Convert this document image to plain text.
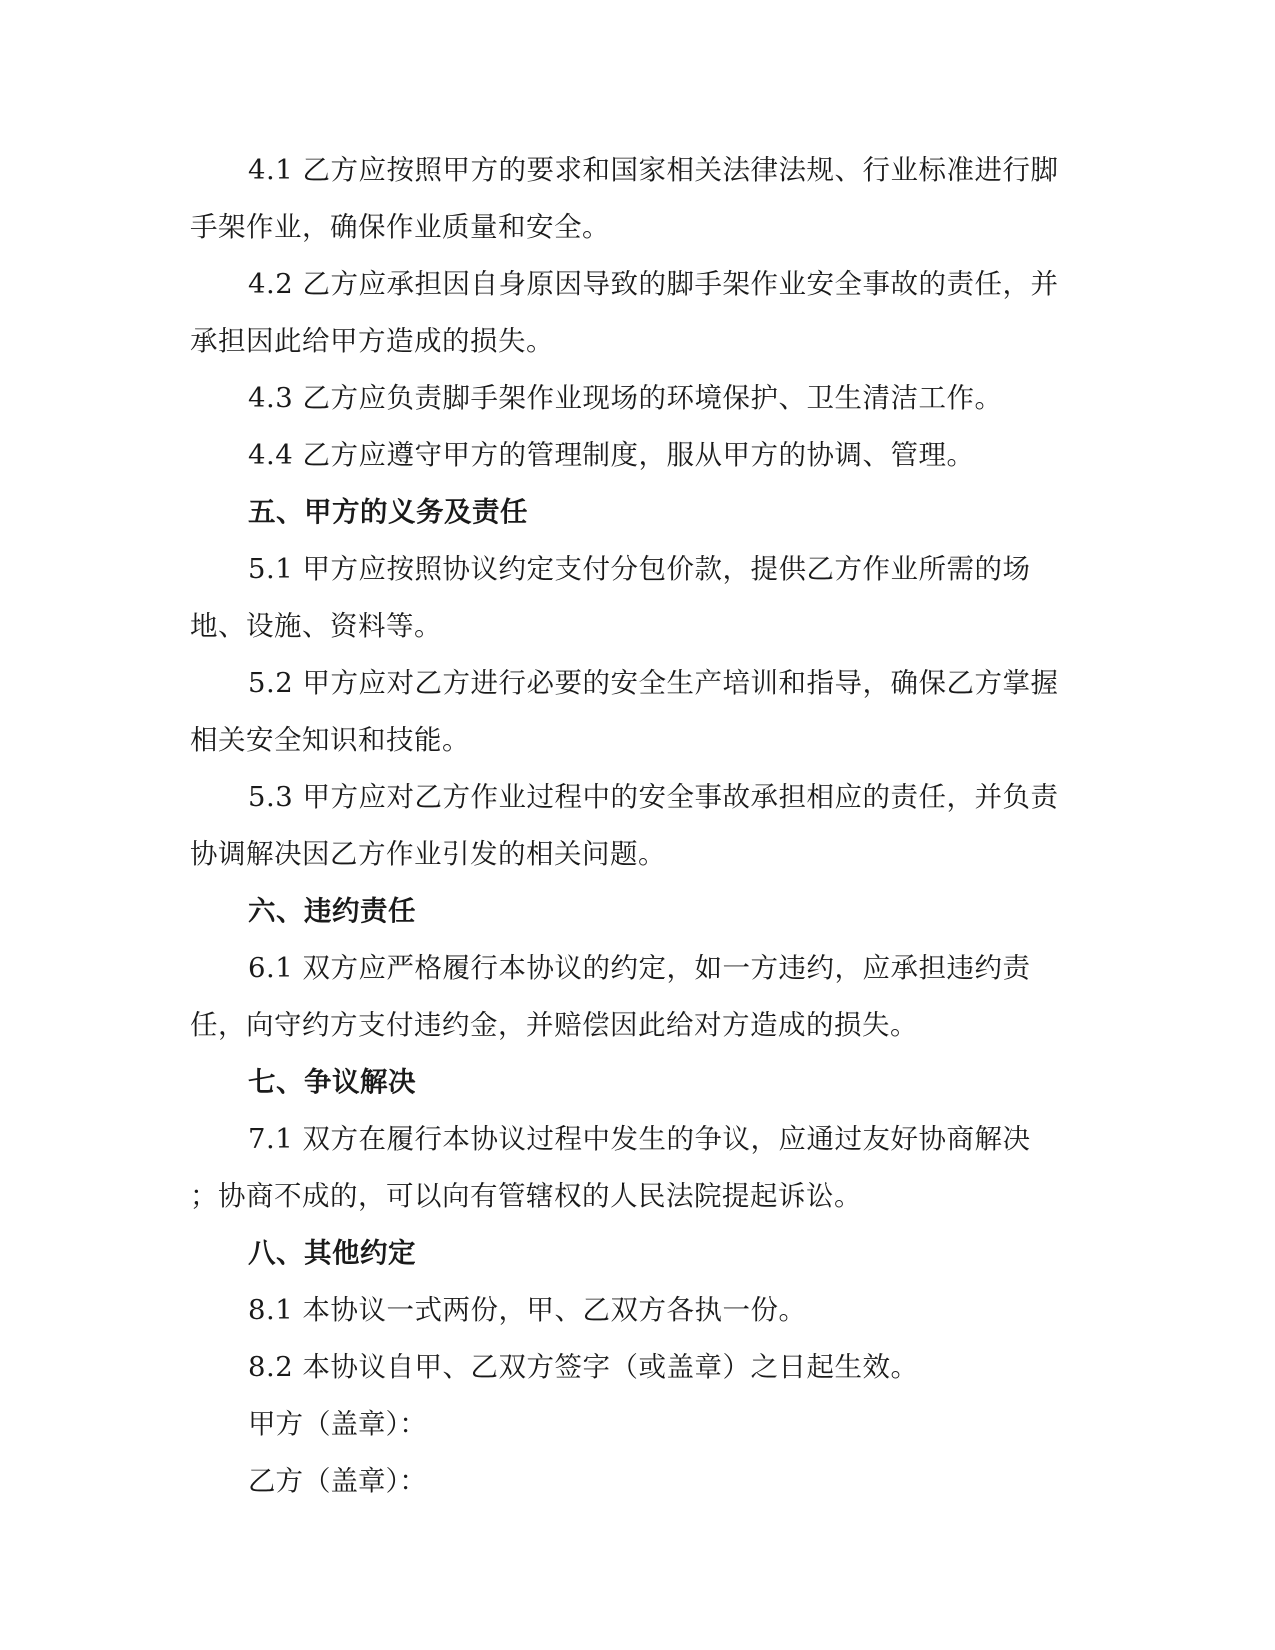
4.1 乙方应按照甲方的要求和国家相关法律法规、行业标准进行脚手架作业，确保作业质量和安全。

4.2 乙方应承担因自身原因导致的脚手架作业安全事故的责任，并承担因此给甲方造成的损失。

4.3 乙方应负责脚手架作业现场的环境保护、卫生清洁工作。

4.4 乙方应遵守甲方的管理制度，服从甲方的协调、管理。

五、甲方的义务及责任

5.1 甲方应按照协议约定支付分包价款，提供乙方作业所需的场地、设施、资料等。

5.2 甲方应对乙方进行必要的安全生产培训和指导，确保乙方掌握相关安全知识和技能。

5.3 甲方应对乙方作业过程中的安全事故承担相应的责任，并负责协调解决因乙方作业引发的相关问题。

六、违约责任

6.1 双方应严格履行本协议的约定，如一方违约，应承担违约责任，向守约方支付违约金，并赔偿因此给对方造成的损失。

七、争议解决

7.1 双方在履行本协议过程中发生的争议，应通过友好协商解决

；协商不成的，可以向有管辖权的人民法院提起诉讼。

八、其他约定

8.1 本协议一式两份，甲、乙双方各执一份。

8.2 本协议自甲、乙双方签字（或盖章）之日起生效。

甲方（盖章）：

乙方（盖章）：
